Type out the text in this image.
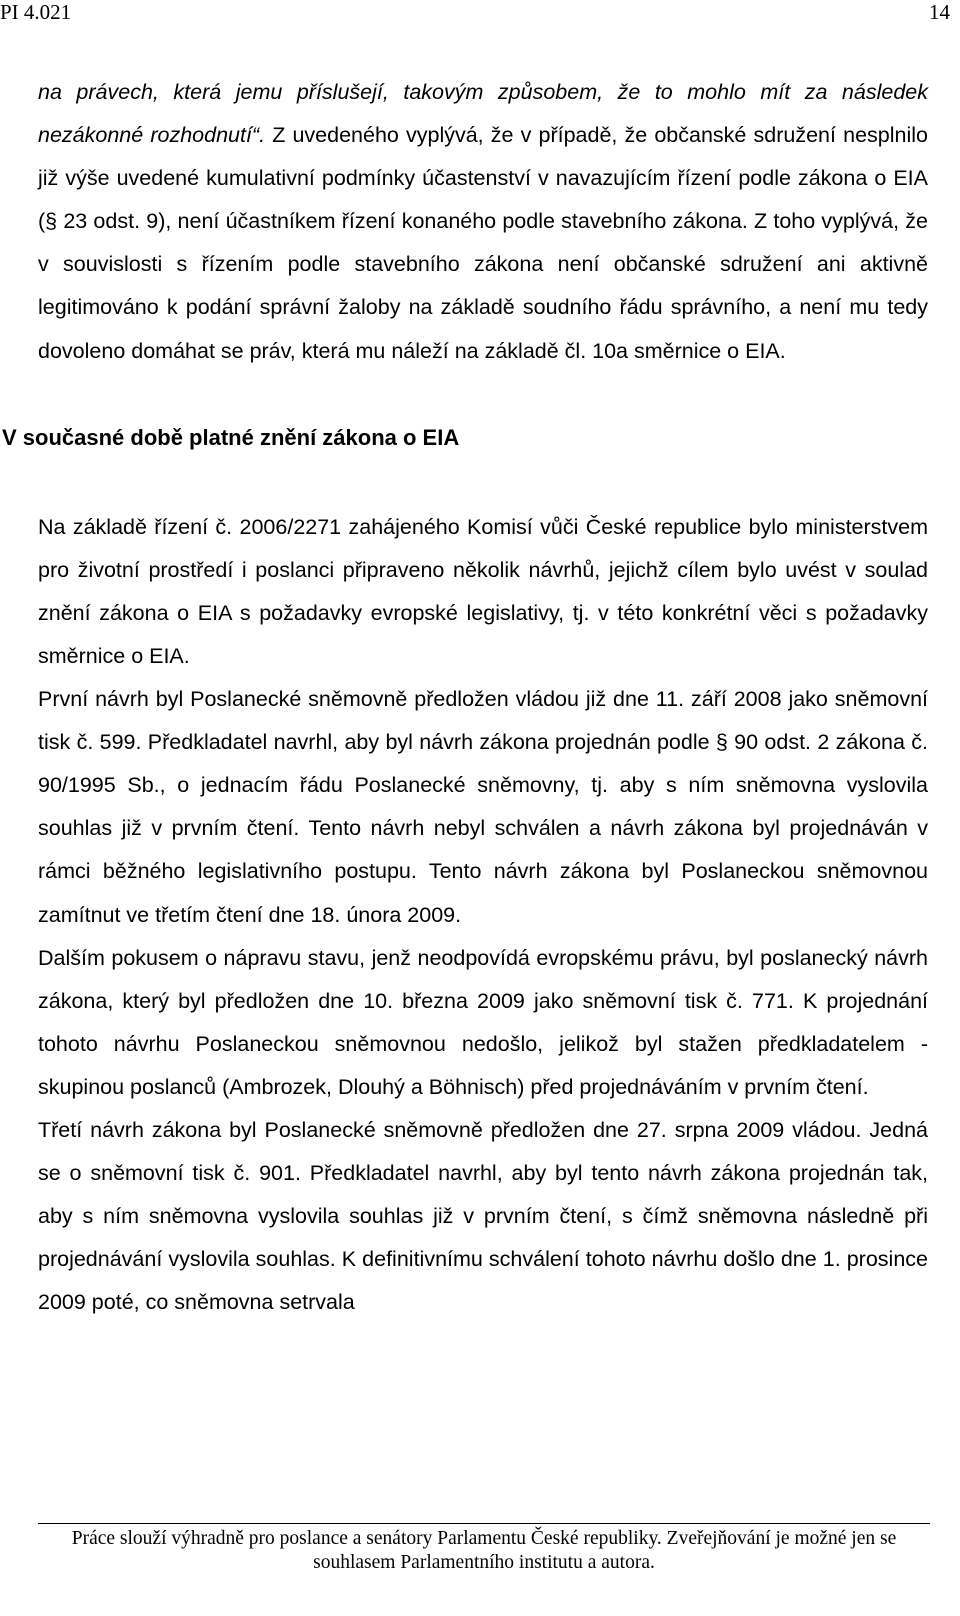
PI 4.021	14

na právech, která jemu příslušejí, takovým způsobem, že to mohlo mít za následek nezákonné rozhodnutí“. Z uvedeného vyplývá, že v případě, že občanské sdružení nesplnilo již výše uvedené kumulativní podmínky účastenství v navazujícím řízení podle zákona o EIA (§ 23 odst. 9), není účastníkem řízení konaného podle stavebního zákona. Z toho vyplývá, že v souvislosti s řízením podle stavebního zákona není občanské sdružení ani aktivně legitimováno k podání správní žaloby na základě soudního řádu správního, a není mu tedy dovoleno domáhat se práv, která mu náleží na základě čl. 10a směrnice o EIA.

V současné době platné znění zákona o EIA

Na základě řízení č. 2006/2271 zahájeného Komisí vůči České republice bylo ministerstvem pro životní prostředí i poslanci připraveno několik návrhů, jejichž cílem bylo uvést v soulad znění zákona o EIA s požadavky evropské legislativy, tj. v této konkrétní věci s požadavky směrnice o EIA.

První návrh byl Poslanecké sněmovně předložen vládou již dne 11. září 2008 jako sněmovní tisk č. 599. Předkladatel navrhl, aby byl návrh zákona projednán podle § 90 odst. 2 zákona č. 90/1995 Sb., o jednacím řádu Poslanecké sněmovny, tj. aby s ním sněmovna vyslovila souhlas již v prvním čtení. Tento návrh nebyl schválen a návrh zákona byl projednáván v rámci běžného legislativního postupu. Tento návrh zákona byl Poslaneckou sněmovnou zamítnut ve třetím čtení dne 18. února 2009.

Dalším pokusem o nápravu stavu, jenž neodpovídá evropskému právu, byl poslanecký návrh zákona, který byl předložen dne 10. března 2009 jako sněmovní tisk č. 771. K projednání tohoto návrhu Poslaneckou sněmovnou nedošlo, jelikož byl stažen předkladatelem - skupinou poslanců (Ambrozek, Dlouhý a Böhnisch) před projednáváním v prvním čtení.

Třetí návrh zákona byl Poslanecké sněmovně předložen dne 27. srpna 2009 vládou. Jedná se o sněmovní tisk č. 901. Předkladatel navrhl, aby byl tento návrh zákona projednán tak, aby s ním sněmovna vyslovila souhlas již v prvním čtení, s čímž sněmovna následně při projednávání vyslovila souhlas. K definitivnímu schválení tohoto návrhu došlo dne 1. prosince 2009 poté, co sněmovna setrvala

Práce slouží výhradně pro poslance a senátory Parlamentu České republiky. Zveřejňování je možné jen se souhlasem Parlamentního institutu a autora.
